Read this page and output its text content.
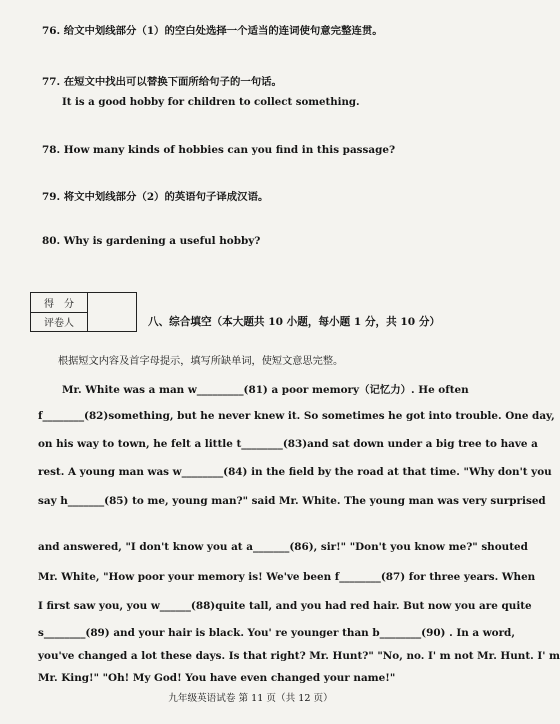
76. 给文中划线部分（1）的空白处选择一个适当的连词使句意完整连贯。
77. 在短文中找出可以替换下面所给句子的一句话。
It is a good hobby for children to collect something.
78. How many kinds of hobbies can you find in this passage?
79. 将文中划线部分（2）的英语句子译成汉语。
80. Why is gardening a useful hobby?
得　分	
评卷人	八、综合填空（本大题共 10 小题，每小题 1 分，共 10 分）
根据短文内容及首字母提示，填写所缺单词，使短文意思完整。
Mr. White was a man w_________(81) a poor memory（记忆力）. He often
f________(82)something, but he never knew it. So sometimes he got into trouble. One day,
on his way to town, he felt a little t________(83)and sat down under a big tree to have a
rest. A young man was w________(84) in the field by the road at that time. "Why don't you
say h_______(85) to me, young man?" said Mr. White. The young man was very surprised
and answered, "I don't know you at a_______(86), sir!" "Don't you know me?" shouted
Mr. White, "How poor your memory is! We've been f________(87) for three years. When
I first saw you, you w______(88)quite tall, and you had red hair. But now you are quite
s________(89) and your hair is black. You' re younger than b________(90) . In a word,
you've changed a lot these days. Is that right? Mr. Hunt?" "No, no. I' m not Mr. Hunt. I' m
Mr. King!" "Oh! My God! You have even changed your name!"
九年级英语试卷 第 11 页（共 12 页）
